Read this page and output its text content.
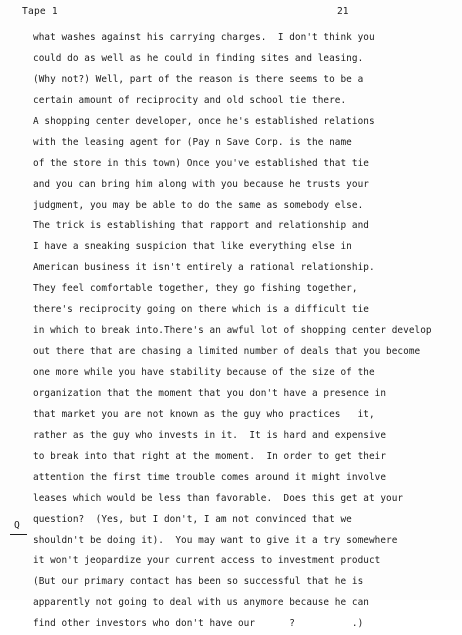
Tape 1	21
what washes against his carrying charges.  I don't think you
could do as well as he could in finding sites and leasing.
(Why not?) Well, part of the reason is there seems to be a
certain amount of reciprocity and old school tie there.
A shopping center developer, once he's established relations
with the leasing agent for (Pay n Save Corp. is the name
of the store in this town) Once you've established that tie
and you can bring him along with you because he trusts your
judgment, you may be able to do the same as somebody else.
The trick is establishing that rapport and relationship and
I have a sneaking suspicion that like everything else in
American business it isn't entirely a rational relationship.
They feel comfortable together, they go fishing together,
there's reciprocity going on there which is a difficult tie
in which to break into.There's an awful lot of shopping center develop
out there that are chasing a limited number of deals that you become
one more while you have stability because of the size of the
organization that the moment that you don't have a presence in
that market you are not known as the guy who practices   it,
rather as the guy who invests in it.  It is hard and expensive
to break into that right at the moment.  In order to get their
attention the first time trouble comes around it might involve
leases which would be less than favorable.  Does this get at your
question?  (Yes, but I don't, I am not convinced that we
shouldn't be doing it).  You may want to give it a try somewhere
it won't jeopardize your current access to investment product
(But our primary contact has been so successful that he is
apparently not going to deal with us anymore because he can
find other investors who don't have our      ?          .)
Q
